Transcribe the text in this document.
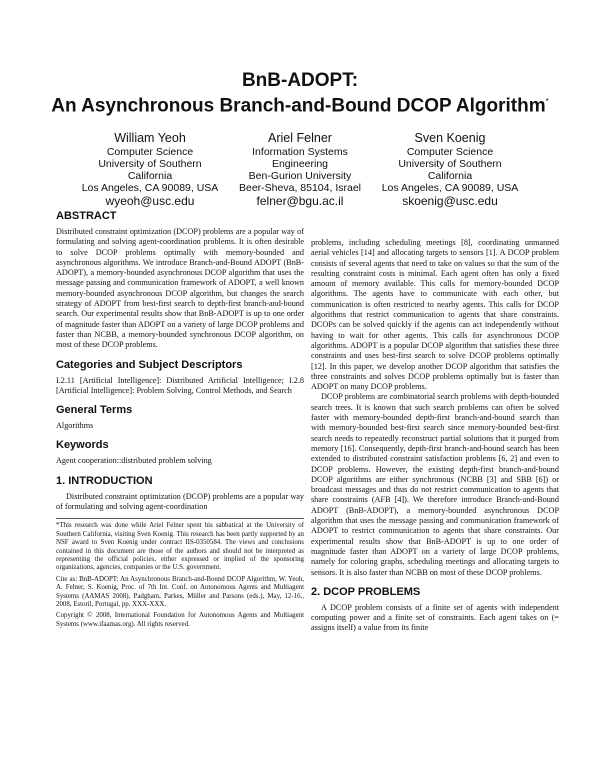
BnB-ADOPT:
An Asynchronous Branch-and-Bound DCOP Algorithm*
William Yeoh
Computer Science
University of Southern
California
Los Angeles, CA 90089, USA
wyeoh@usc.edu
Ariel Felner
Information Systems
Engineering
Ben-Gurion University
Beer-Sheva, 85104, Israel
felner@bgu.ac.il
Sven Koenig
Computer Science
University of Southern
California
Los Angeles, CA 90089, USA
skoenig@usc.edu
ABSTRACT

Distributed constraint optimization (DCOP) problems are a popular way of formulating and solving agent-coordination problems. It is often desirable to solve DCOP problems optimally with memory-bounded and asynchronous algorithms. We introduce Branch-and-Bound ADOPT (BnB-ADOPT), a memory-bounded asynchronous DCOP algorithm that uses the message passing and communication framework of ADOPT, a well known memory-bounded asynchronous DCOP algorithm, but changes the search strategy of ADOPT from best-first search to depth-first branch-and-bound search. Our experimental results show that BnB-ADOPT is up to one order of magnitude faster than ADOPT on a variety of large DCOP problems and faster than NCBB, a memory-bounded synchronous DCOP algorithm, on most of these DCOP problems.

Categories and Subject Descriptors

I.2.11 [Artificial Intelligence]: Distributed Artificial Intelligence; I.2.8 [Artificial Intelligence]: Problem Solving, Control Methods, and Search

General Terms

Algorithms

Keywords

Agent cooperation::distributed problem solving

1. INTRODUCTION

Distributed constraint optimization (DCOP) problems are a popular way of formulating and solving agent-coordination

*This research was done while Ariel Felner spent his sabbatical at the University of Southern California, visiting Sven Koenig. This research has been partly supported by an NSF award to Sven Koenig under contract IIS-0350584. The views and conclusions contained in this document are those of the authors and should not be interpreted as representing the official policies, either expressed or implied of the sponsoring organizations, agencies, companies or the U.S. government.

Cite as: BnB-ADOPT: An Asynchronous Branch-and-Bound DCOP Algorithm, W. Yeoh, A. Felner, S. Koenig, Proc. of 7th Int. Conf. on Autonomous Agents and Multiagent Systems (AAMAS 2008), Padgham, Parkes, Müller and Parsons (eds.), May, 12-16., 2008, Estoril, Portugal, pp. XXX-XXX.

Copyright © 2008, International Foundation for Autonomous Agents and Multiagent Systems (www.ifaamas.org). All rights reserved.

problems, including scheduling meetings [8], coordinating unmanned aerial vehicles [14] and allocating targets to sensors [1]. A DCOP problem consists of several agents that need to take on values so that the sum of the resulting constraint costs is minimal. Each agent often has only a fixed amount of memory available. This calls for memory-bounded DCOP algorithms. The agents have to communicate with each other, but communication is often restricted to nearby agents. This calls for DCOP algorithms that restrict communication to agents that share constraints. DCOPs can be solved quickly if the agents can act independently without having to wait for other agents. This calls for asynchronous DCOP algorithms. ADOPT is a popular DCOP algorithm that satisfies these three constraints and uses best-first search to solve DCOP problems optimally [12]. In this paper, we develop another DCOP algorithm that satisfies the three constraints and solves DCOP problems optimally but is faster than ADOPT on many DCOP problems.

DCOP problems are combinatorial search problems with depth-bounded search trees. It is known that such search problems can often be solved faster with memory-bounded depth-first branch-and-bound search than with memory-bounded best-first search since memory-bounded best-first search needs to repeatedly reconstruct partial solutions that it purged from memory [16]. Consequently, depth-first branch-and-bound search has been extended to distributed constraint satisfaction problems [6, 2] and even to DCOP problems. However, the existing depth-first branch-and-bound DCOP algorithms are either synchronous (NCBB [3] and SBB [6]) or broadcast messages and thus do not restrict communication to agents that share constraints (AFB [4]). We therefore introduce Branch-and-Bound ADOPT (BnB-ADOPT), a memory-bounded asynchronous DCOP algorithm that uses the message passing and communication framework of ADOPT to restrict communication to agents that share constraints. Our experimental results show that BnB-ADOPT is up to one order of magnitude faster than ADOPT on a variety of large DCOP problems, namely for coloring graphs, scheduling meetings and allocating targets to sensors. It is also faster than NCBB on most of these DCOP problems.

2. DCOP PROBLEMS

A DCOP problem consists of a finite set of agents with independent computing power and a finite set of constraints. Each agent takes on (= assigns itself) a value from its finite
